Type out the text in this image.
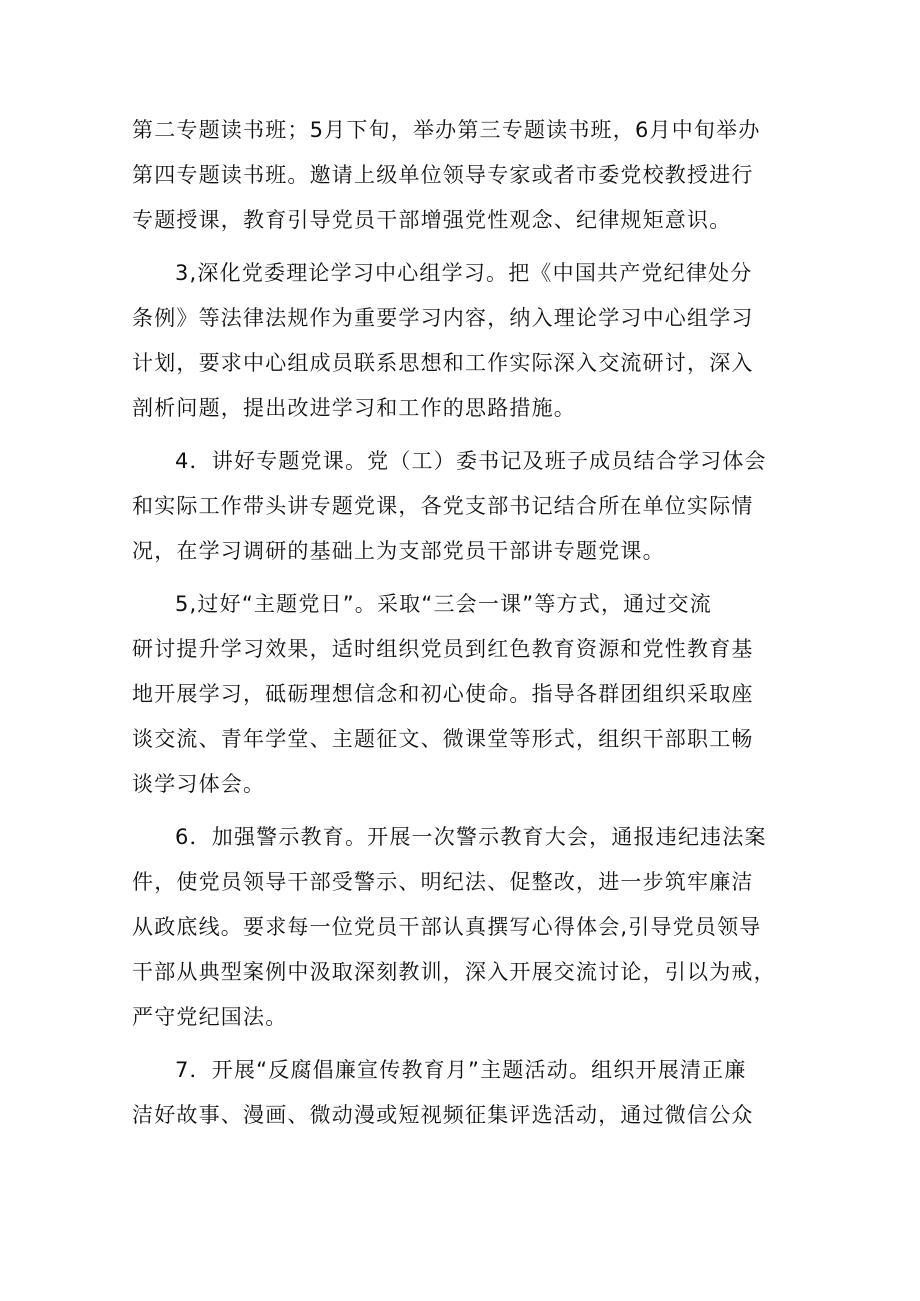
第二专题读书班；5月下旬，举办第三专题读书班，6月中旬举办
第四专题读书班。邀请上级单位领导专家或者市委党校教授进行
专题授课，教育引导党员干部增强党性观念、纪律规矩意识。
3,深化党委理论学习中心组学习。把《中国共产党纪律处分
条例》等法律法规作为重要学习内容，纳入理论学习中心组学习
计划，要求中心组成员联系思想和工作实际深入交流研讨，深入
剖析问题，提出改进学习和工作的思路措施。
4．讲好专题党课。党（工）委书记及班子成员结合学习体会
和实际工作带头讲专题党课，各党支部书记结合所在单位实际情
况，在学习调研的基础上为支部党员干部讲专题党课。
5,过好“主题党日”。采取“三会一课”等方式，通过交流
研讨提升学习效果，适时组织党员到红色教育资源和党性教育基
地开展学习，砥砺理想信念和初心使命。指导各群团组织采取座
谈交流、青年学堂、主题征文、微课堂等形式，组织干部职工畅
谈学习体会。
6．加强警示教育。开展一次警示教育大会，通报违纪违法案
件，使党员领导干部受警示、明纪法、促整改，进一步筑牢廉洁
从政底线。要求每一位党员干部认真撰写心得体会,引导党员领导
干部从典型案例中汲取深刻教训，深入开展交流讨论，引以为戒，
严守党纪国法。
7．开展“反腐倡廉宣传教育月”主题活动。组织开展清正廉
洁好故事、漫画、微动漫或短视频征集评选活动，通过微信公众
